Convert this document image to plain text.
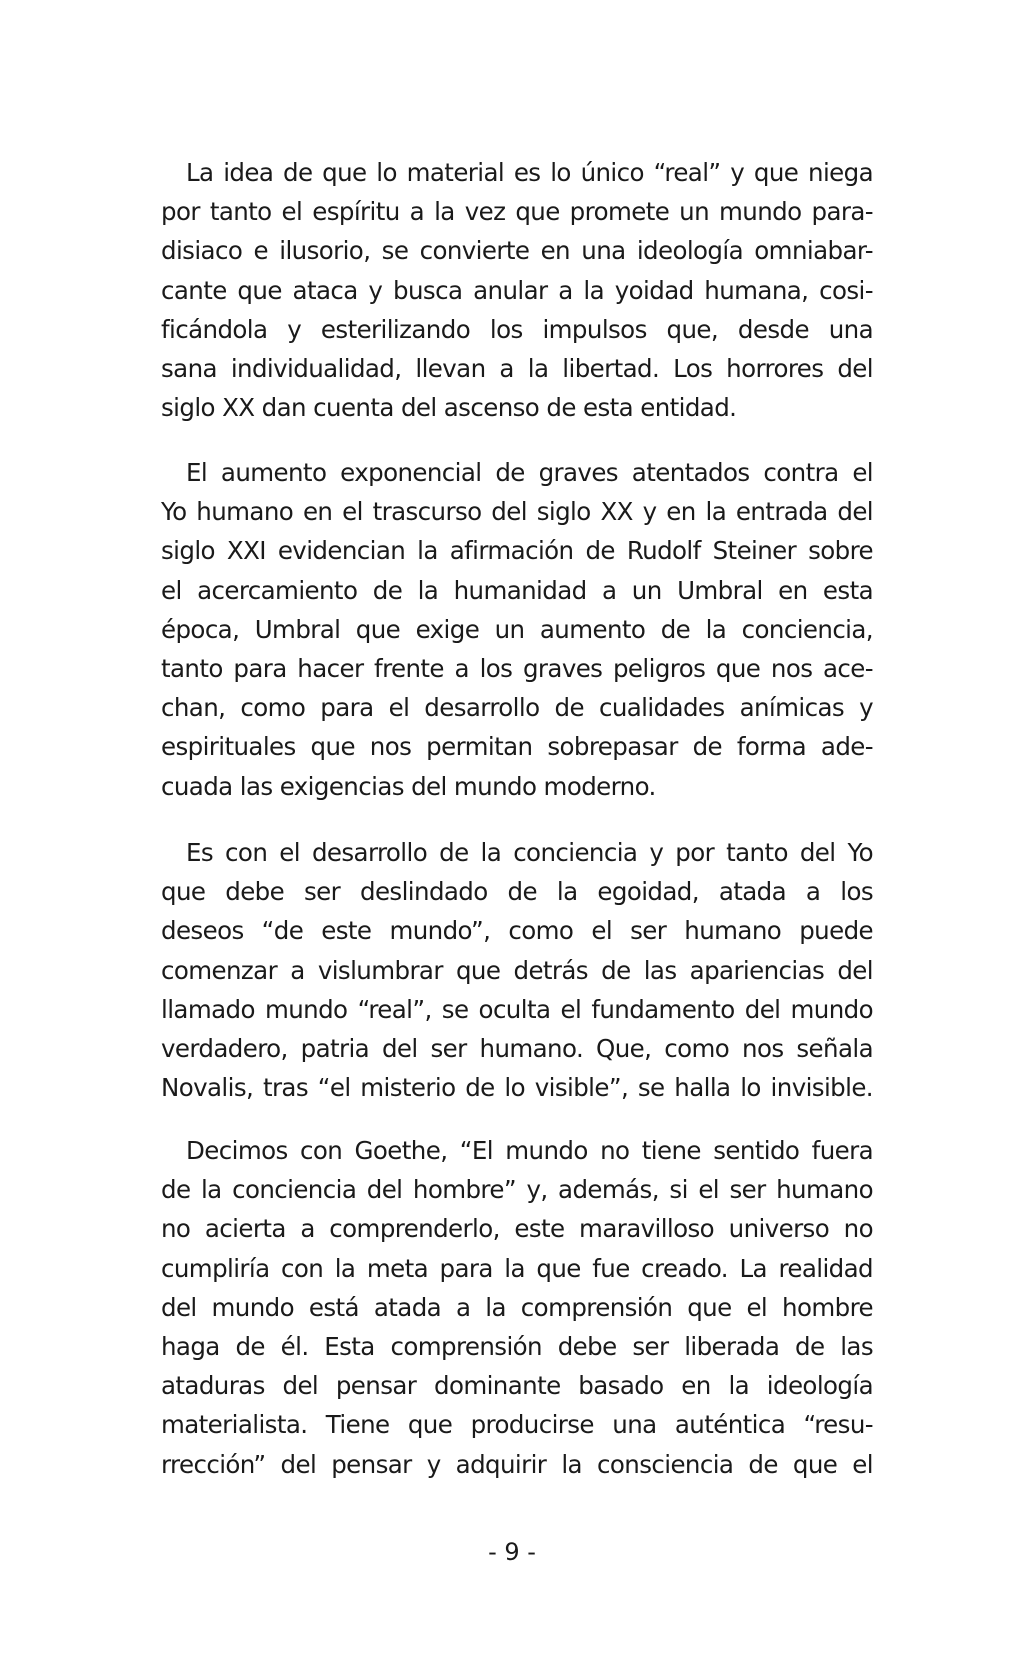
La idea de que lo material es lo único “real” y que niega
por tanto el espíritu a la vez que promete un mundo para-
disiaco e ilusorio, se convierte en una ideología omniabar-
cante que ataca y busca anular a la yoidad humana, cosi-
ficándola y esterilizando los impulsos que, desde una
sana individualidad, llevan a la libertad. Los horrores del
siglo XX dan cuenta del ascenso de esta entidad.
El aumento exponencial de graves atentados contra el
Yo humano en el trascurso del siglo XX y en la entrada del
siglo XXI evidencian la afirmación de Rudolf Steiner sobre
el acercamiento de la humanidad a un Umbral en esta
época, Umbral que exige un aumento de la conciencia,
tanto para hacer frente a los graves peligros que nos ace-
chan, como para el desarrollo de cualidades anímicas y
espirituales que nos permitan sobrepasar de forma ade-
cuada las exigencias del mundo moderno.
Es con el desarrollo de la conciencia y por tanto del Yo
que debe ser deslindado de la egoidad, atada a los
deseos “de este mundo”, como el ser humano puede
comenzar a vislumbrar que detrás de las apariencias del
llamado mundo “real”, se oculta el fundamento del mundo
verdadero, patria del ser humano. Que, como nos señala
Novalis, tras “el misterio de lo visible”, se halla lo invisible.
Decimos con Goethe, “El mundo no tiene sentido fuera
de la conciencia del hombre” y, además, si el ser humano
no acierta a comprenderlo, este maravilloso universo no
cumpliría con la meta para la que fue creado. La realidad
del mundo está atada a la comprensión que el hombre
haga de él. Esta comprensión debe ser liberada de las
ataduras del pensar dominante basado en la ideología
materialista. Tiene que producirse una auténtica “resu-
rrección” del pensar y adquirir la consciencia de que el
- 9 -
